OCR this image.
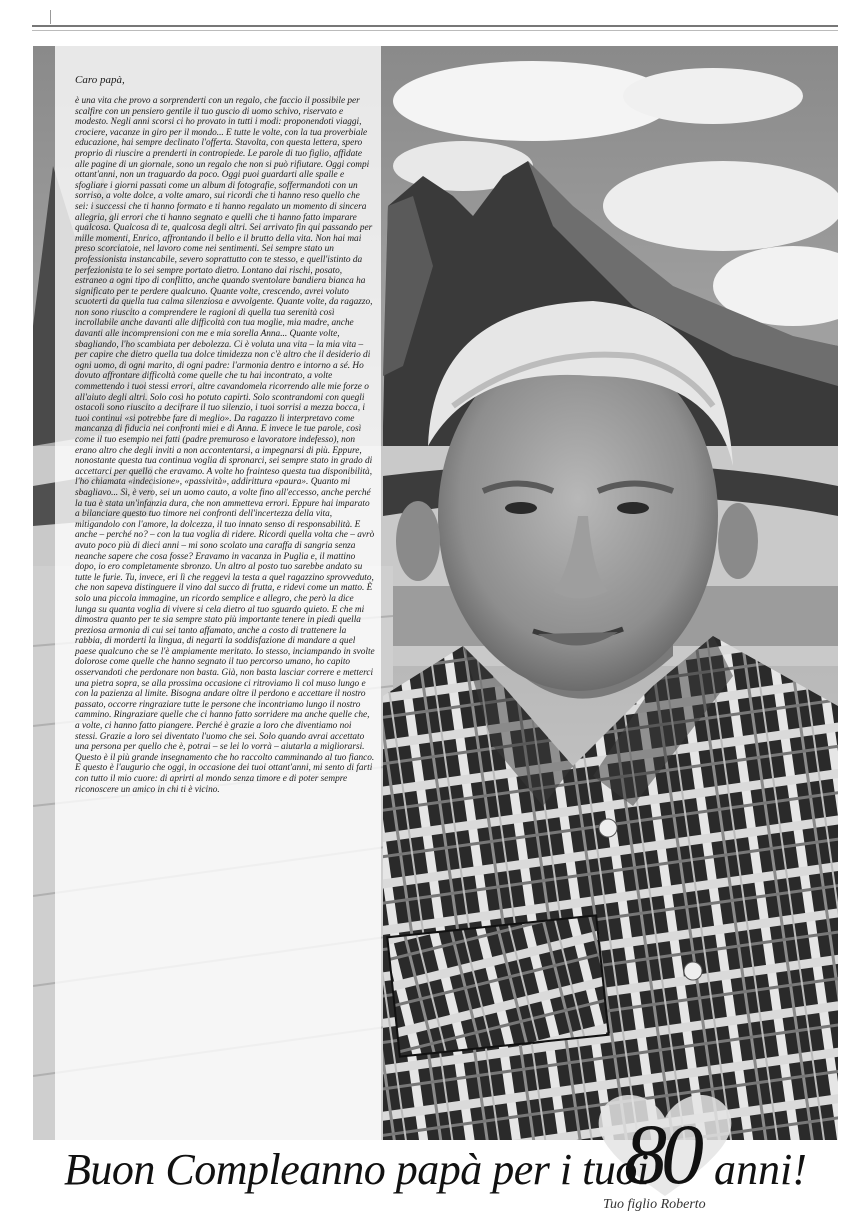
Caro papà,

è una vita che provo a sorprenderti con un regalo, che faccio il possibile per scalfire con un pensiero gentile il tuo guscio di uomo schivo, riservato e modesto. Negli anni scorsi ci ho provato in tutti i modi: proponendoti viaggi, crociere, vacanze in giro per il mondo... E tutte le volte, con la tua proverbiale educazione, hai sempre declinato l'offerta. Stavolta, con questa lettera, spero proprio di riuscire a prenderti in contropiede. Le parole di tuo figlio, affidate alle pagine di un giornale, sono un regalo che non si può rifiutare. Oggi compi ottant'anni, non un traguardo da poco. Oggi puoi guardarti alle spalle e sfogliare i giorni passati come un album di fotografie, soffermandoti con un sorriso, a volte dolce, a volte amaro, sui ricordi che ti hanno reso quello che sei: i successi che ti hanno formato e ti hanno regalato un momento di sincera allegria, gli errori che ti hanno segnato e quelli che ti hanno fatto imparare qualcosa. Qualcosa di te, qualcosa degli altri. Sei arrivato fin qui passando per mille momenti, Enrico, affrontando il bello e il brutto della vita. Non hai mai preso scorciatoie, nel lavoro come nei sentimenti. Sei sempre stato un professionista instancabile, severo soprattutto con te stesso, e quell'istinto da perfezionista te lo sei sempre portato dietro. Lontano dai rischi, posato, estraneo a ogni tipo di conflitto, anche quando sventolare bandiera bianca ha significato per te perdere qualcuno. Quante volte, crescendo, avrei voluto scuoterti da quella tua calma silenziosa e avvolgente. Quante volte, da ragazzo, non sono riuscito a comprendere le ragioni di quella tua serenità così incrollabile anche davanti alle difficoltà con tua moglie, mia madre, anche davanti alle incomprensioni con me e mia sorella Anna... Quante volte, sbagliando, l'ho scambiata per debolezza. Ci è voluta una vita – la mia vita – per capire che dietro quella tua dolce timidezza non c'è altro che il desiderio di ogni uomo, di ogni marito, di ogni padre: l'armonia dentro e intorno a sé. Ho dovuto affrontare difficoltà come quelle che tu hai incontrato, a volte commettendo i tuoi stessi errori, altre cavandomela ricorrendo alle mie forze o all'aiuto degli altri. Solo così ho potuto capirti. Solo scontrandomi con quegli ostacoli sono riuscito a decifrare il tuo silenzio, i tuoi sorrisi a mezza bocca, i tuoi continui «si potrebbe fare di meglio». Da ragazzo li interpretavo come mancanza di fiducia nei confronti miei e di Anna. E invece le tue parole, così come il tuo esempio nei fatti (padre premuroso e lavoratore indefesso), non erano altro che degli inviti a non accontentarsi, a impegnarsi di più. Eppure, nonostante questa tua continua voglia di spronarci, sei sempre stato in grado di accettarci per quello che eravamo. A volte ho frainteso questa tua disponibilità, l'ho chiamata «indecisione», «passività», addirittura «paura». Quanto mi sbagliavo... Sì, è vero, sei un uomo cauto, a volte fino all'eccesso, anche perché la tua è stata un'infanzia dura, che non ammetteva errori. Eppure hai imparato a bilanciare questo tuo timore nei confronti dell'incertezza della vita, mitigandolo con l'amore, la dolcezza, il tuo innato senso di responsabilità. E anche – perché no? – con la tua voglia di ridere. Ricordi quella volta che – avrò avuto poco più di dieci anni – mi sono scolato una caraffa di sangria senza neanche sapere che cosa fosse? Eravamo in vacanza in Puglia e, il mattino dopo, io ero completamente sbronzo. Un altro al posto tuo sarebbe andato su tutte le furie. Tu, invece, eri lì che reggevi la testa a quel ragazzino sprovveduto, che non sapeva distinguere il vino dal succo di frutta, e ridevi come un matto. È solo una piccola immagine, un ricordo semplice e allegro, che però la dice lunga su quanta voglia di vivere si cela dietro al tuo sguardo quieto. E che mi dimostra quanto per te sia sempre stato più importante tenere in piedi quella preziosa armonia di cui sei tanto affamato, anche a costo di trattenere la rabbia, di morderti la lingua, di negarti la soddisfazione di mandare a quel paese qualcuno che se l'è ampiamente meritato. Io stesso, inciampando in svolte dolorose come quelle che hanno segnato il tuo percorso umano, ho capito osservandoti che perdonare non basta. Già, non basta lasciar correre e metterci una pietra sopra, se alla prossima occasione ci ritroviamo lì col muso lungo e con la pazienza al limite. Bisogna andare oltre il perdono e accettare il nostro passato, occorre ringraziare tutte le persone che incontriamo lungo il nostro cammino. Ringraziare quelle che ci hanno fatto sorridere ma anche quelle che, a volte, ci hanno fatto piangere. Perché è grazie a loro che diventiamo noi stessi. Grazie a loro sei diventato l'uomo che sei. Solo quando avrai accettato una persona per quello che è, potrai – se lei lo vorrà – aiutarla a migliorarsi. Questo è il più grande insegnamento che ho raccolto camminando al tuo fianco. E questo è l'augurio che oggi, in occasione dei tuoi ottant'anni, mi sento di farti con tutto il mio cuore: di aprirti al mondo senza timore e di poter sempre riconoscere un amico in chi ti è vicino.

Buon Compleanno papà per i tuoi
80 anni!
Tuo figlio Roberto
